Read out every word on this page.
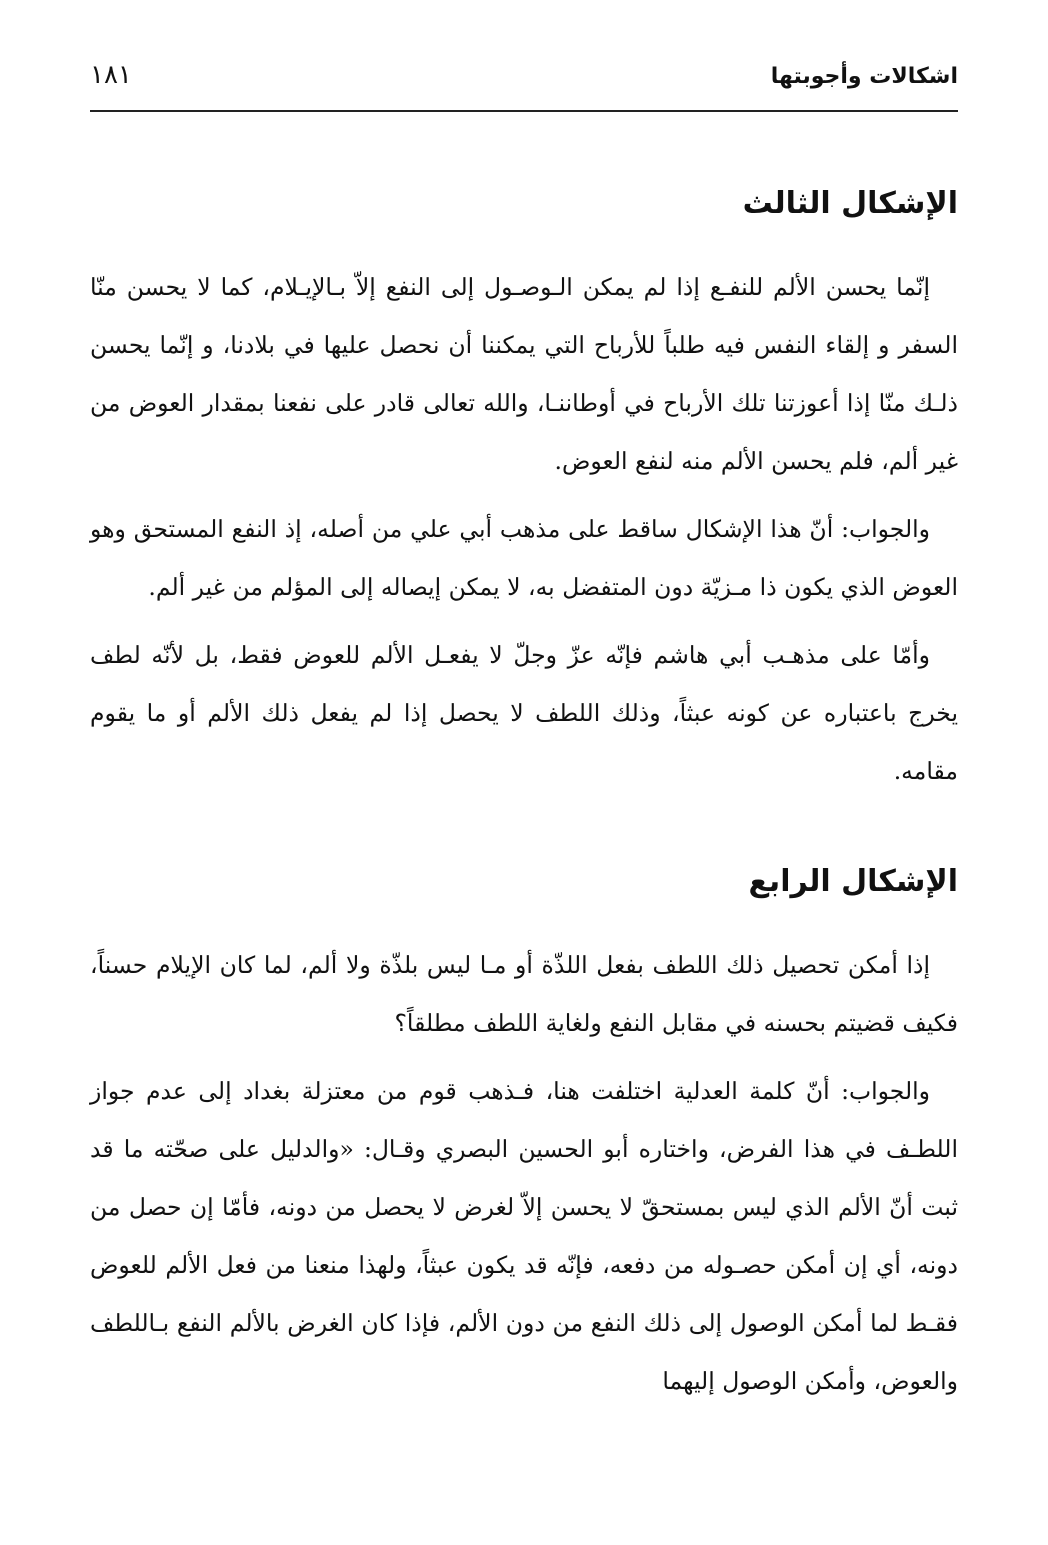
اشكالات وأجوبتها
١٨١
الإشكال الثالث

إنّما يحسن الألم للنفـع إذا لم يمكن الـوصـول إلى النفع إلاّ بـالإيـلام، كما لا يحسن منّا السفر و إلقاء النفس فيه طلباً للأرباح التي يمكننا أن نحصل عليها في بلادنا، و إنّما يحسن ذلـك منّا إذا أعوزتنا تلك الأرباح في أوطاننـا، والله تعالى قادر على نفعنا بمقدار العوض من غير ألم، فلم يحسن الألم منه لنفع العوض.

والجواب: أنّ هذا الإشكال ساقط على مذهب أبي علي من أصله، إذ النفع المستحق وهو العوض الذي يكون ذا مـزيّة دون المتفضل به، لا يمكن إيصاله إلى المؤلم من غير ألم.

وأمّا على مذهـب أبي هاشم فإنّه عزّ وجلّ لا يفعـل الألم للعوض فقط، بل لأنّه لطف يخرج باعتباره عن كونه عبثاً، وذلك اللطف لا يحصل إذا لم يفعل ذلك الألم أو ما يقوم مقامه.

الإشكال الرابع

إذا أمكن تحصيل ذلك اللطف بفعل اللذّة أو مـا ليس بلذّة ولا ألم، لما كان الإيلام حسناً، فكيف قضيتم بحسنه في مقابل النفع ولغاية اللطف مطلقاً؟

والجواب: أنّ كلمة العدلية اختلفت هنا، فـذهب قوم من معتزلة بغداد إلى عدم جواز اللطـف في هذا الفرض، واختاره أبو الحسين البصري وقـال: «والدليل على صحّته ما قد ثبت أنّ الألم الذي ليس بمستحقّ لا يحسن إلاّ لغرض لا يحصل من دونه، فأمّا إن حصل من دونه، أي إن أمكن حصـوله من دفعه، فإنّه قد يكون عبثاً، ولهذا منعنا من فعل الألم للعوض فقـط لما أمكن الوصول إلى ذلك النفع من دون الألم، فإذا كان الغرض بالألم النفع بـاللطف والعوض، وأمكن الوصول إليهما
